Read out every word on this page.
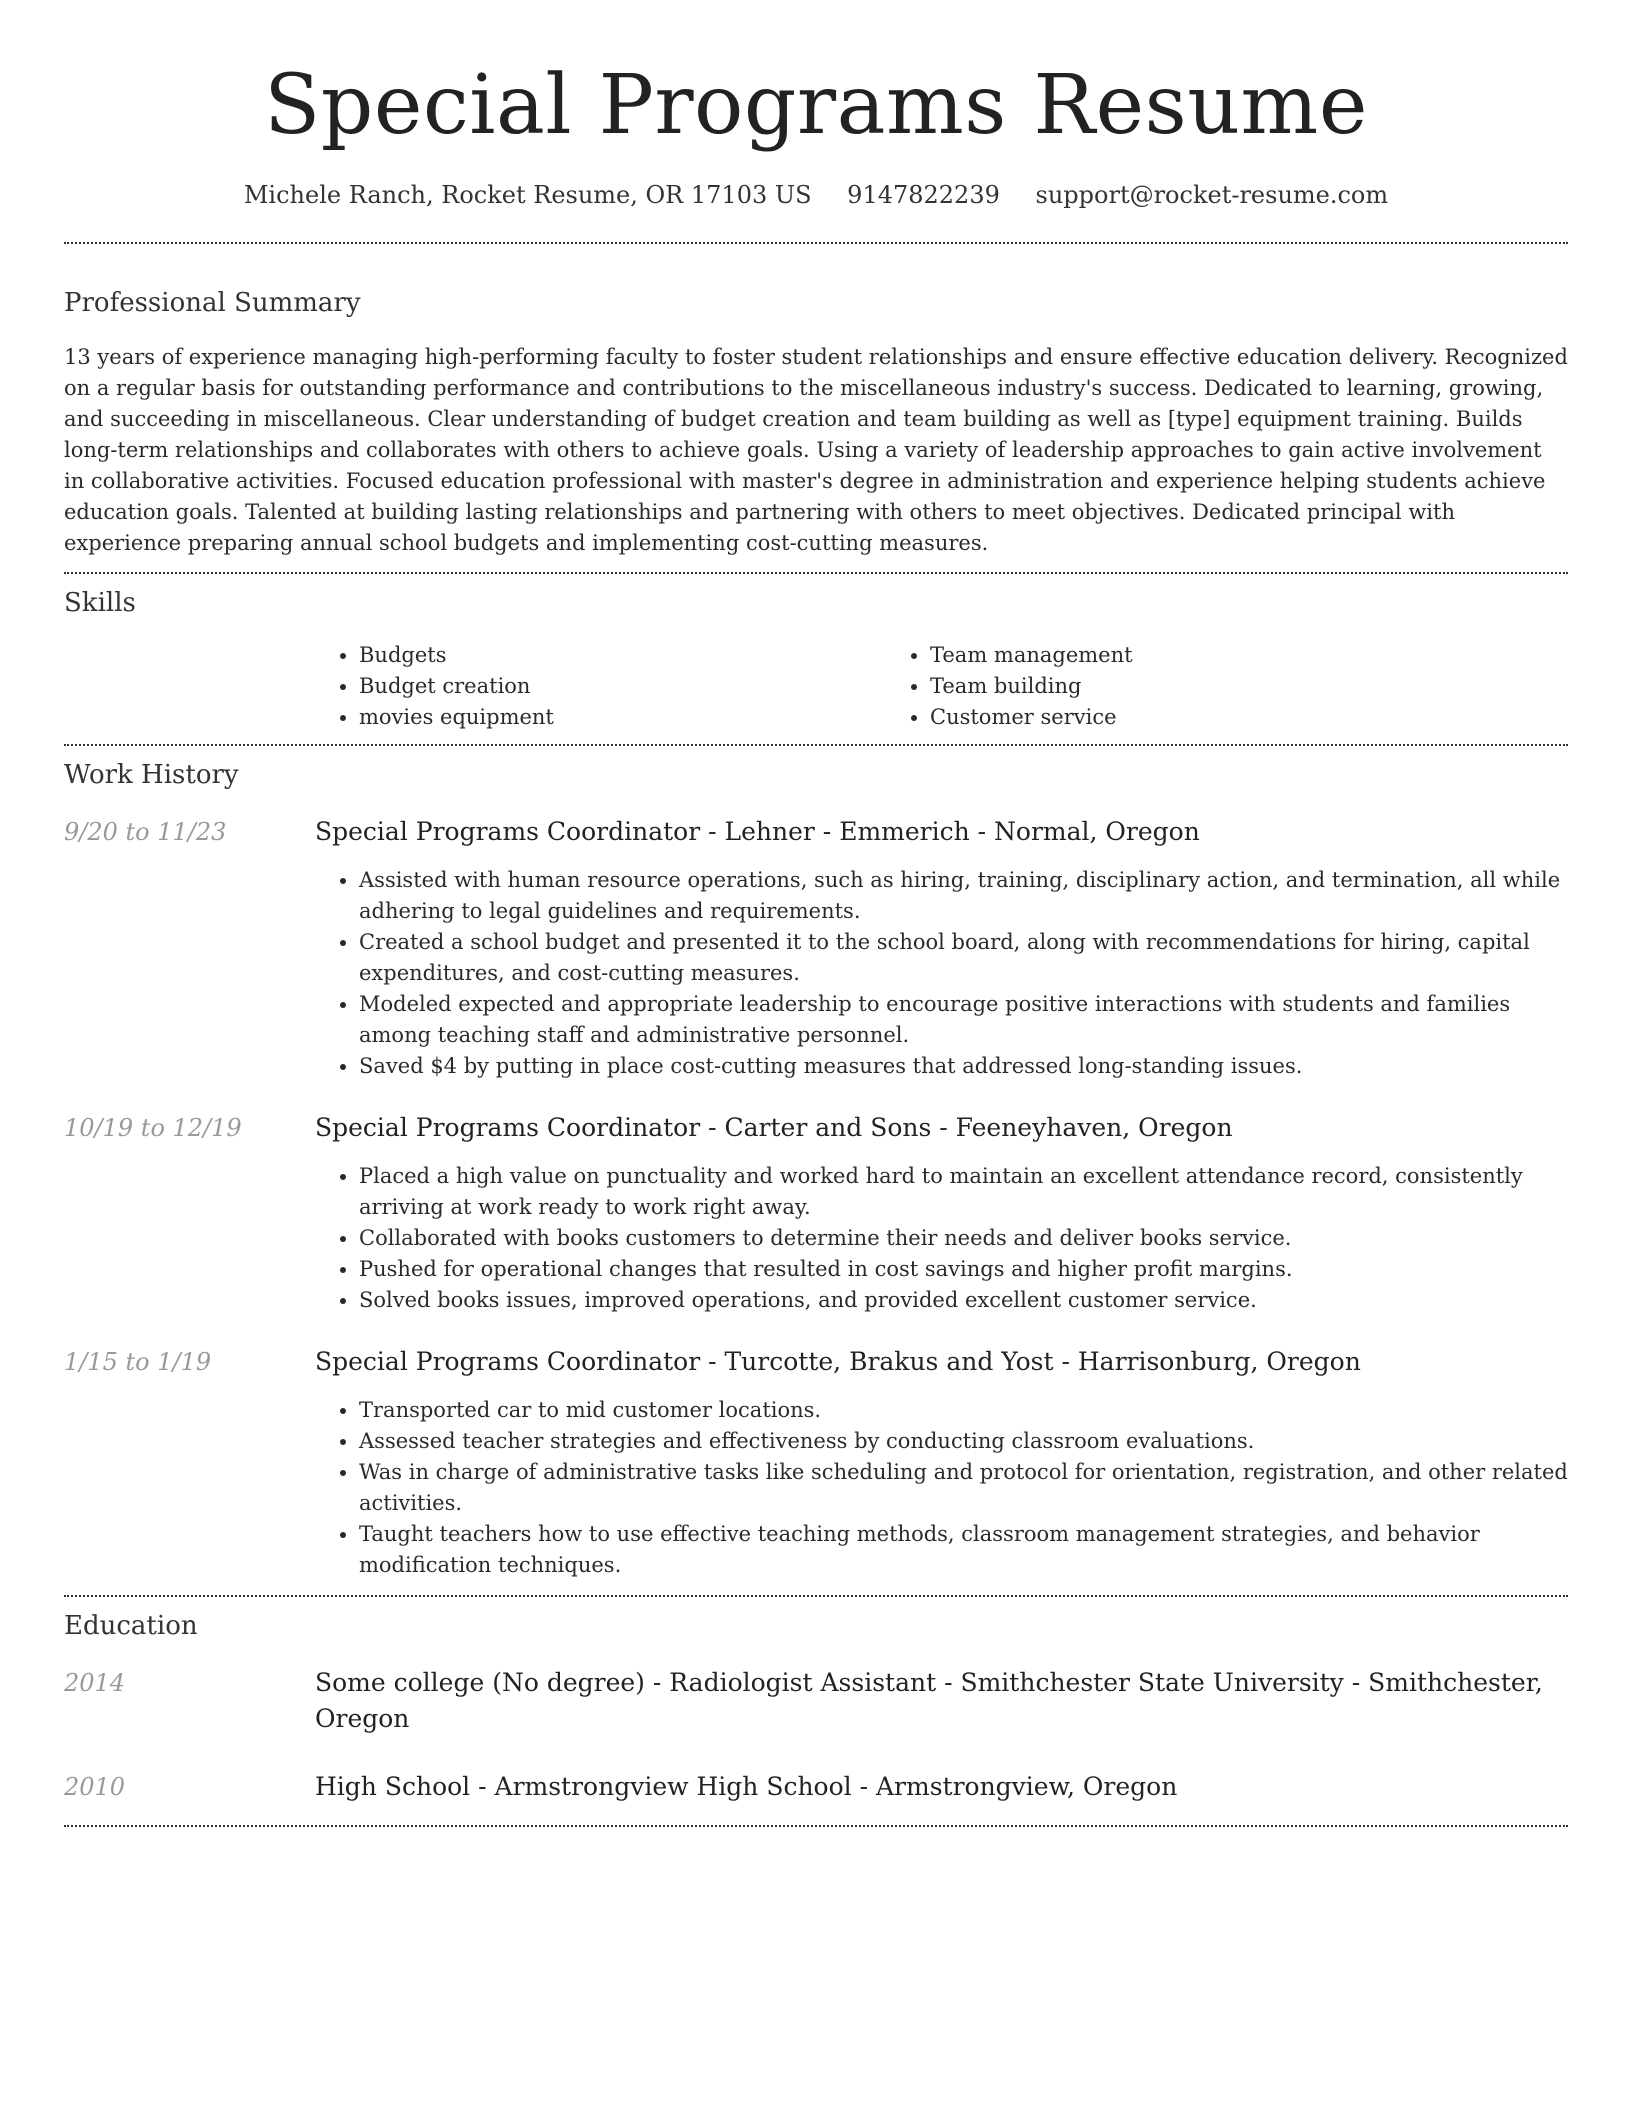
Special Programs Resume
Michele Ranch, Rocket Resume, OR 17103 US 9147822239 support@rocket-resume.com
Professional Summary

13 years of experience managing high-performing faculty to foster student relationships and ensure effective education delivery. Recognized on a regular basis for outstanding performance and contributions to the miscellaneous industry's success. Dedicated to learning, growing, and succeeding in miscellaneous. Clear understanding of budget creation and team building as well as [type] equipment training. Builds long-term relationships and collaborates with others to achieve goals. Using a variety of leadership approaches to gain active involvement in collaborative activities. Focused education professional with master's degree in administration and experience helping students achieve education goals. Talented at building lasting relationships and partnering with others to meet objectives. Dedicated principal with experience preparing annual school budgets and implementing cost-cutting measures.

Skills
• Budgets
• Budget creation
• movies equipment
• Team management
• Team building
• Customer service
Work History
9/20 to 11/23	Special Programs Coordinator - Lehner - Emmerich - Normal, Oregon
• Assisted with human resource operations, such as hiring, training, disciplinary action, and termination, all while adhering to legal guidelines and requirements.
• Created a school budget and presented it to the school board, along with recommendations for hiring, capital expenditures, and cost-cutting measures.
• Modeled expected and appropriate leadership to encourage positive interactions with students and families among teaching staff and administrative personnel.
• Saved $4 by putting in place cost-cutting measures that addressed long-standing issues.
10/19 to 12/19	Special Programs Coordinator - Carter and Sons - Feeneyhaven, Oregon
• Placed a high value on punctuality and worked hard to maintain an excellent attendance record, consistently arriving at work ready to work right away.
• Collaborated with books customers to determine their needs and deliver books service.
• Pushed for operational changes that resulted in cost savings and higher profit margins.
• Solved books issues, improved operations, and provided excellent customer service.
1/15 to 1/19	Special Programs Coordinator - Turcotte, Brakus and Yost - Harrisonburg, Oregon
• Transported car to mid customer locations.
• Assessed teacher strategies and effectiveness by conducting classroom evaluations.
• Was in charge of administrative tasks like scheduling and protocol for orientation, registration, and other related activities.
• Taught teachers how to use effective teaching methods, classroom management strategies, and behavior modification techniques.
Education
2014	Some college (No degree) - Radiologist Assistant - Smithchester State University - Smithchester, Oregon
2010	High School - Armstrongview High School - Armstrongview, Oregon
